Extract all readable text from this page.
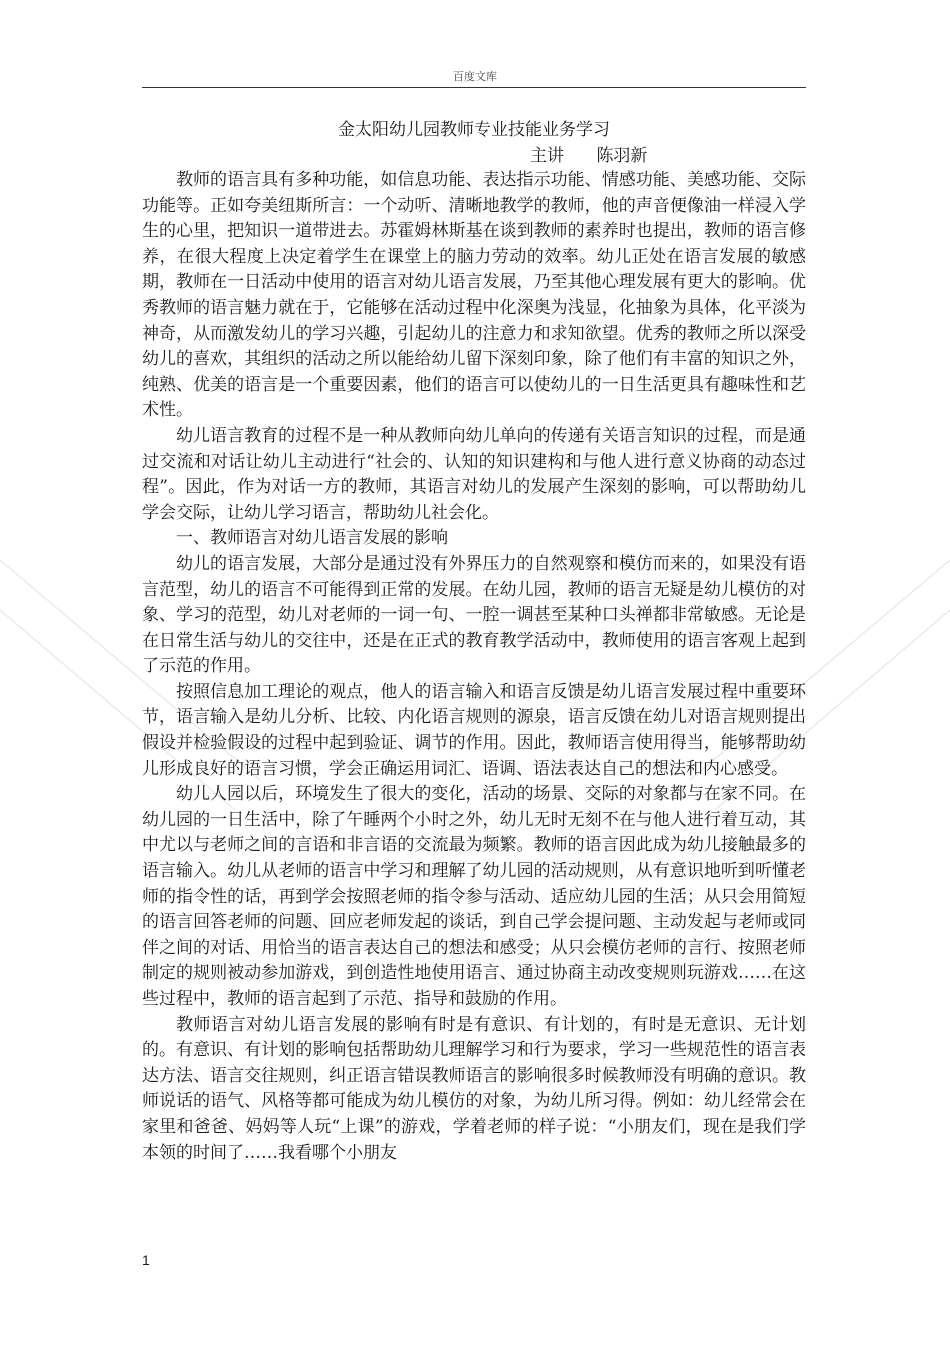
百度文库
金太阳幼儿园教师专业技能业务学习
主讲 陈羽新

教师的语言具有多种功能，如信息功能、表达指示功能、情感功能、美感功能、交际功能等。正如夸美纽斯所言：一个动听、清晰地教学的教师，他的声音便像油一样浸入学生的心里，把知识一道带进去。苏霍姆林斯基在谈到教师的素养时也提出，教师的语言修养，在很大程度上决定着学生在课堂上的脑力劳动的效率。幼儿正处在语言发展的敏感期，教师在一日活动中使用的语言对幼儿语言发展，乃至其他心理发展有更大的影响。优秀教师的语言魅力就在于，它能够在活动过程中化深奥为浅显，化抽象为具体，化平淡为神奇，从而激发幼儿的学习兴趣，引起幼儿的注意力和求知欲望。优秀的教师之所以深受幼儿的喜欢，其组织的活动之所以能给幼儿留下深刻印象，除了他们有丰富的知识之外，纯熟、优美的语言是一个重要因素，他们的语言可以使幼儿的一日生活更具有趣味性和艺术性。

幼儿语言教育的过程不是一种从教师向幼儿单向的传递有关语言知识的过程，而是通过交流和对话让幼儿主动进行“社会的、认知的知识建构和与他人进行意义协商的动态过程”。因此，作为对话一方的教师，其语言对幼儿的发展产生深刻的影响，可以帮助幼儿学会交际，让幼儿学习语言，帮助幼儿社会化。

一、教师语言对幼儿语言发展的影响

幼儿的语言发展，大部分是通过没有外界压力的自然观察和模仿而来的，如果没有语言范型，幼儿的语言不可能得到正常的发展。在幼儿园，教师的语言无疑是幼儿模仿的对象、学习的范型，幼儿对老师的一词一句、一腔一调甚至某种口头禅都非常敏感。无论是在日常生活与幼儿的交往中，还是在正式的教育教学活动中，教师使用的语言客观上起到了示范的作用。

按照信息加工理论的观点，他人的语言输入和语言反馈是幼儿语言发展过程中重要环节，语言输入是幼儿分析、比较、内化语言规则的源泉，语言反馈在幼儿对语言规则提出假设并检验假设的过程中起到验证、调节的作用。因此，教师语言使用得当，能够帮助幼儿形成良好的语言习惯，学会正确运用词汇、语调、语法表达自己的想法和内心感受。

幼儿人园以后，环境发生了很大的变化，活动的场景、交际的对象都与在家不同。在幼儿园的一日生活中，除了午睡两个小时之外，幼儿无时无刻不在与他人进行着互动，其中尤以与老师之间的言语和非言语的交流最为频繁。教师的语言因此成为幼儿接触最多的语言输入。幼儿从老师的语言中学习和理解了幼儿园的活动规则，从有意识地听到听懂老师的指令性的话，再到学会按照老师的指令参与活动、适应幼儿园的生活；从只会用简短的语言回答老师的问题、回应老师发起的谈话，到自己学会提问题、主动发起与老师或同伴之间的对话、用恰当的语言表达自己的想法和感受；从只会模仿老师的言行、按照老师制定的规则被动参加游戏，到创造性地使用语言、通过协商主动改变规则玩游戏……在这些过程中，教师的语言起到了示范、指导和鼓励的作用。

教师语言对幼儿语言发展的影响有时是有意识、有计划的，有时是无意识、无计划的。有意识、有计划的影响包括帮助幼儿理解学习和行为要求，学习一些规范性的语言表达方法、语言交往规则，纠正语言错误教师语言的影响很多时候教师没有明确的意识。教师说话的语气、风格等都可能成为幼儿模仿的对象，为幼儿所习得。例如：幼儿经常会在家里和爸爸、妈妈等人玩“上课”的游戏，学着老师的样子说：“小朋友们，现在是我们学本领的时间了……我看哪个小朋友

1
